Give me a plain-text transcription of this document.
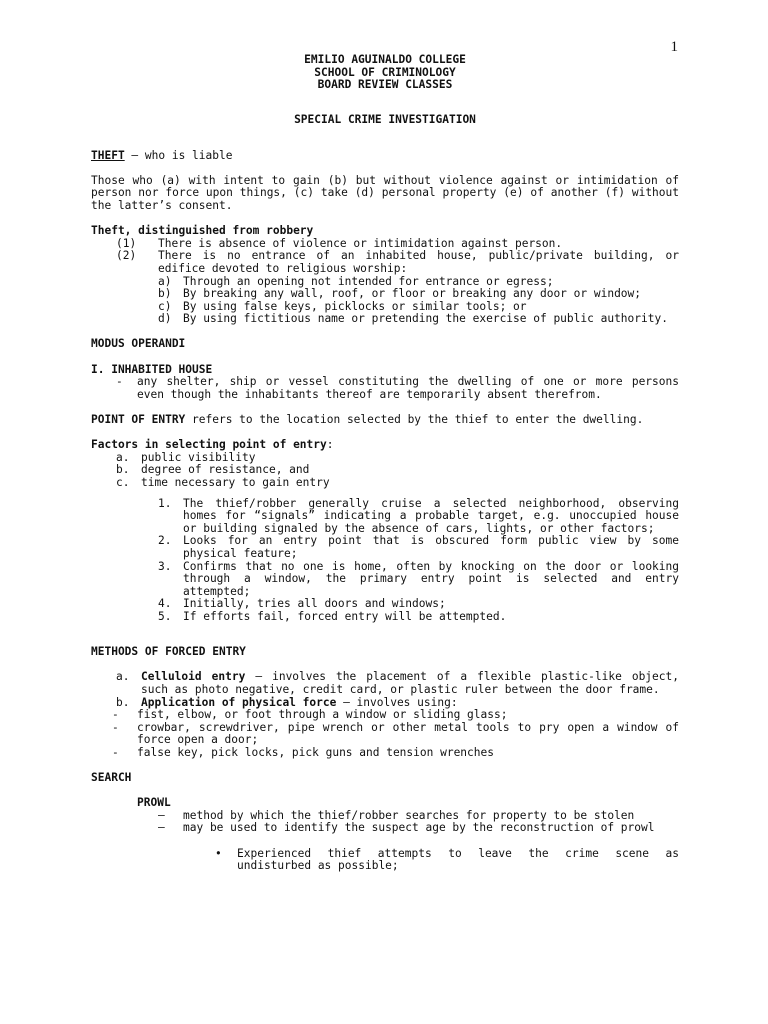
1
EMILIO AGUINALDO COLLEGE
SCHOOL OF CRIMINOLOGY
BOARD REVIEW CLASSES
SPECIAL CRIME INVESTIGATION

THEFT – who is liable

Those who (a) with intent to gain (b) but without violence against or intimidation of person nor force upon things, (c) take (d) personal property (e) of another (f) without the latter’s consent.

Theft, distinguished from robbery

(1)	There is absence of violence or intimidation against person.
(2)	There is no entrance of an inhabited house, public/private building, or edifice devoted to religious worship:
a)	Through an opening not intended for entrance or egress;
b)	By breaking any wall, roof, or floor or breaking any door or window;
c)	By using false keys, picklocks or similar tools; or
d)	By using fictitious name or pretending the exercise of public authority.

MODUS OPERANDI

I. INHABITED HOUSE

-	any shelter, ship or vessel constituting the dwelling of one or more persons even though the inhabitants thereof are temporarily absent therefrom.

POINT OF ENTRY refers to the location selected by the thief to enter the dwelling.

Factors in selecting point of entry:

a.	public visibility
b.	degree of resistance, and
c.	time necessary to gain entry
1.	The thief/robber generally cruise a selected neighborhood, observing homes for “signals” indicating a probable target, e.g. unoccupied house or building signaled by the absence of cars, lights, or other factors;
2.	Looks for an entry point that is obscured form public view by some physical feature;
3.	Confirms that no one is home, often by knocking on the door or looking through a window, the primary entry point is selected and entry attempted;
4.	Initially, tries all doors and windows;
5.	If efforts fail, forced entry will be attempted.

METHODS OF FORCED ENTRY

a.	Celluloid entry – involves the placement of a flexible plastic-like object, such as photo negative, credit card, or plastic ruler between the door frame.
b.	Application of physical force – involves using:
-	fist, elbow, or foot through a window or sliding glass;
-	crowbar, screwdriver, pipe wrench or other metal tools to pry open a window of force open a door;
-	false key, pick locks, pick guns and tension wrenches

SEARCH

PROWL

–	method by which the thief/robber searches for property to be stolen
–	may be used to identify the suspect age by the reconstruction of prowl
•	Experienced thief attempts to leave the crime scene as undisturbed as possible;
